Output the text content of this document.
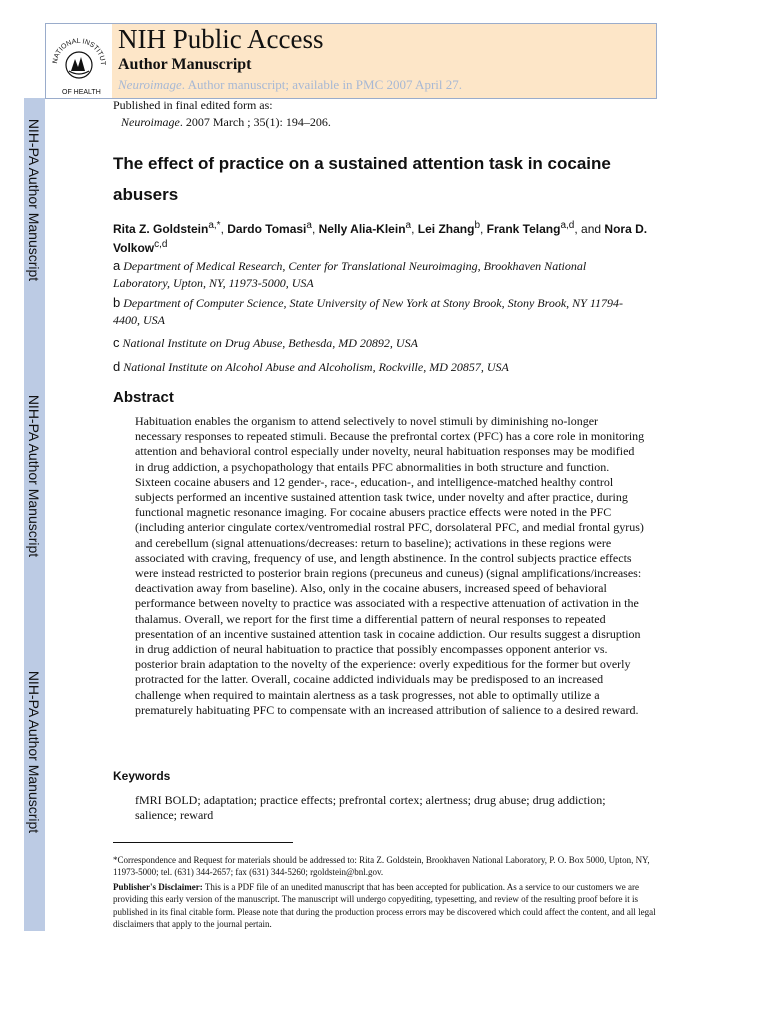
NIH-PA Author Manuscript
NIH-PA Author Manuscript
NIH-PA Author Manuscript
NATIONAL INSTITUT
OF HEALTH
NIH Public Access
Author Manuscript
Neuroimage. Author manuscript; available in PMC 2007 April 27.
Published in final edited form as:
Neuroimage. 2007 March ; 35(1): 194–206.
The effect of practice on a sustained attention task in cocaine abusers
Rita Z. Goldstein$^{a,*}$, Dardo Tomasi$^a$, Nelly Alia-Klein$^a$, Lei Zhang$^b$, Frank Telang$^{a,d}$, and Nora D. Volkow$^{c,d}$
a Department of Medical Research, Center for Translational Neuroimaging, Brookhaven National Laboratory, Upton, NY, 11973-5000, USA
b Department of Computer Science, State University of New York at Stony Brook, Stony Brook, NY 11794-4400, USA
c National Institute on Drug Abuse, Bethesda, MD 20892, USA
d National Institute on Alcohol Abuse and Alcoholism, Rockville, MD 20857, USA
Abstract
Habituation enables the organism to attend selectively to novel stimuli by diminishing no-longer necessary responses to repeated stimuli. Because the prefrontal cortex (PFC) has a core role in monitoring attention and behavioral control especially under novelty, neural habituation responses may be modified in drug addiction, a psychopathology that entails PFC abnormalities in both structure and function. Sixteen cocaine abusers and 12 gender-, race-, education-, and intelligence-matched healthy control subjects performed an incentive sustained attention task twice, under novelty and after practice, during functional magnetic resonance imaging. For cocaine abusers practice effects were noted in the PFC (including anterior cingulate cortex/ventromedial rostral PFC, dorsolateral PFC, and medial frontal gyrus) and cerebellum (signal attenuations/decreases: return to baseline); activations in these regions were associated with craving, frequency of use, and length abstinence. In the control subjects practice effects were instead restricted to posterior brain regions (precuneus and cuneus) (signal amplifications/increases: deactivation away from baseline). Also, only in the cocaine abusers, increased speed of behavioral performance between novelty to practice was associated with a respective attenuation of activation in the thalamus. Overall, we report for the first time a differential pattern of neural responses to repeated presentation of an incentive sustained attention task in cocaine addiction. Our results suggest a disruption in drug addiction of neural habituation to practice that possibly encompasses opponent anterior vs. posterior brain adaptation to the novelty of the experience: overly expeditious for the former but overly protracted for the latter. Overall, cocaine addicted individuals may be predisposed to an increased challenge when required to maintain alertness as a task progresses, not able to optimally utilize a prematurely habituating PFC to compensate with an increased attribution of salience to a desired reward.
Keywords
fMRI BOLD; adaptation; practice effects; prefrontal cortex; alertness; drug abuse; drug addiction; salience; reward
*Correspondence and Request for materials should be addressed to: Rita Z. Goldstein, Brookhaven National Laboratory, P. O. Box 5000, Upton, NY, 11973-5000; tel. (631) 344-2657; fax (631) 344-5260; rgoldstein@bnl.gov.
Publisher's Disclaimer: This is a PDF file of an unedited manuscript that has been accepted for publication. As a service to our customers we are providing this early version of the manuscript. The manuscript will undergo copyediting, typesetting, and review of the resulting proof before it is published in its final citable form. Please note that during the production process errors may be discovered which could affect the content, and all legal disclaimers that apply to the journal pertain.
